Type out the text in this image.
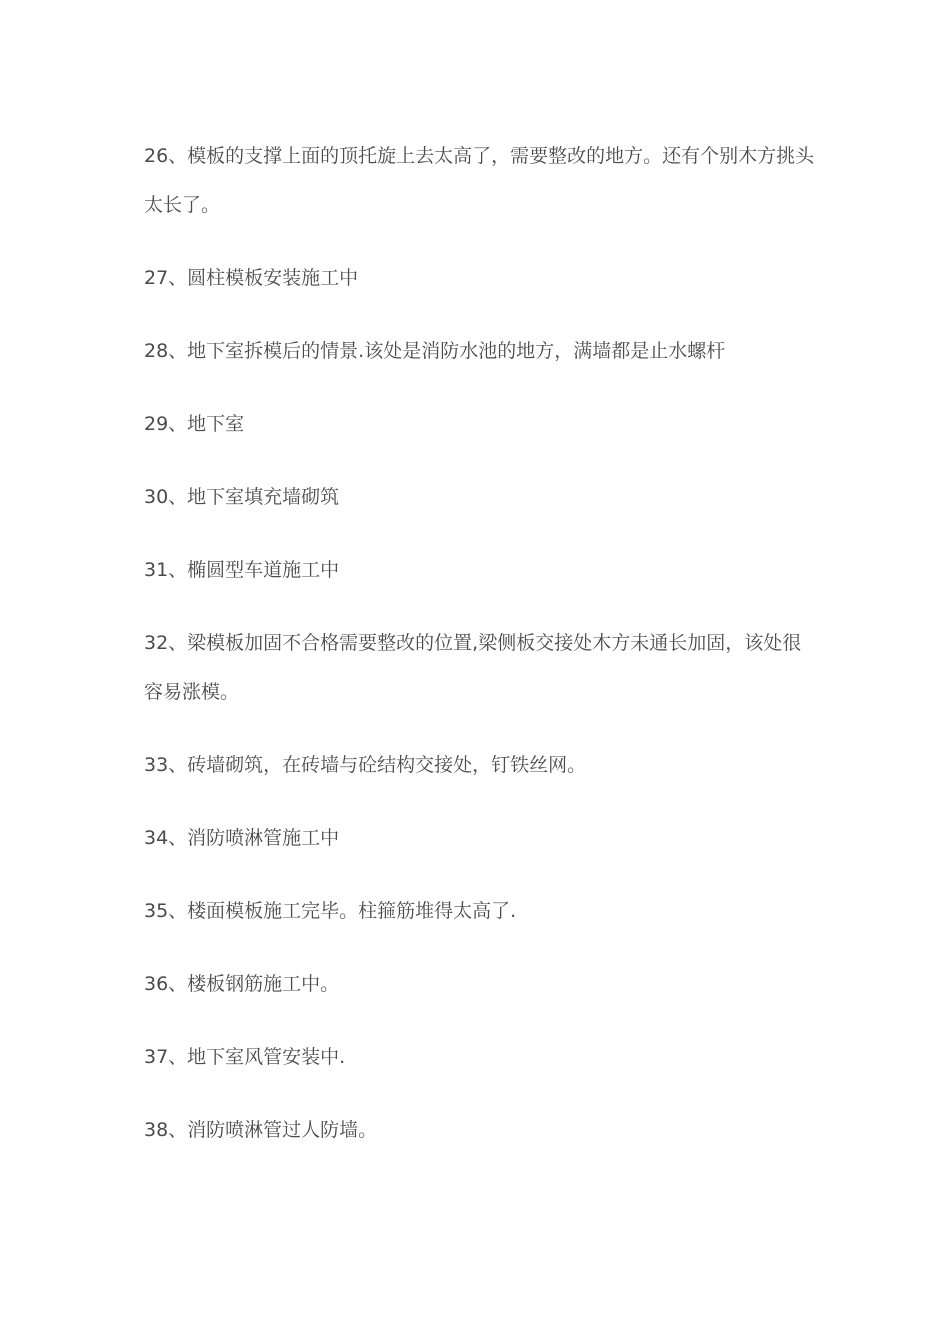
26、模板的支撑上面的顶托旋上去太高了，需要整改的地方。还有个别木方挑头太长了。

27、圆柱模板安装施工中

28、地下室拆模后的情景.该处是消防水池的地方，满墙都是止水螺杆

29、地下室

30、地下室填充墙砌筑

31、椭圆型车道施工中

32、梁模板加固不合格需要整改的位置,梁侧板交接处木方未通长加固，该处很容易涨模。

33、砖墙砌筑，在砖墙与砼结构交接处，钉铁丝网。

34、消防喷淋管施工中

35、楼面模板施工完毕。柱箍筋堆得太高了.

36、楼板钢筋施工中。

37、地下室风管安装中.

38、消防喷淋管过人防墙。
